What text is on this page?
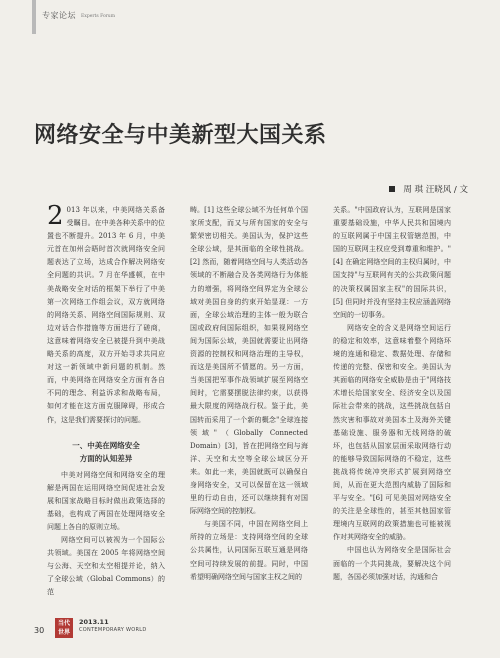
专家论坛 Experts Forum
网络安全与中美新型大国关系
周 琪 汪晓风 / 文

2 013 年以来，中美网络关系备受瞩目。在中美各种关系中的位置也不断提升。2013 年 6 月，中美元首在加州会晤时首次就网络安全问题表达了立场，达成合作解决网络安全问题的共识。7 月在华盛顿，在中美战略安全对话的框架下举行了中美第一次网络工作组会议，双方就网络的网络关系、网络空间国际规则、双边对话合作措施等方面进行了磋商，这意味着网络安全已被提升到中美战略关系的高度，双方开始寻求共同应对这一新领域中新问题的机制。然而，中美网络在网络安全方面有各自不同的理念、利益诉求和战略布局，如何才能在这方面克服障碍，形成合作，这是我们需要探讨的问题。

一、中美在网络安全
方面的认知差异

中美对网络空间和网络安全的理解是两国在运用网络空间促进社会发展和国家战略目标时做出政策选择的基础，也构成了两国在处理网络安全问题上各自的原则立场。

网络空间可以被视为一个国际公共领域。美国在 2005 年将网络空间与公海、天空和太空相提并论，纳入了全球公域（Global Commons）的范

畴。[1] 这些全球公域不为任何单个国家所支配，而又与所有国家的安全与繁荣密切相关。美国认为，保护这些全球公域，是其面临的全球性挑战。[2] 然而，随着网络空间与人类活动各领域的不断融合及各类网络行为体能力的增强，将网络空间界定为全球公域对美国自身的约束开始显现：一方面，全球公域治理的主体一般为联合国或政府间国际组织，如果视网络空间为国际公域，美国就需要让出网络资源的控制权和网络治理的主导权，而这是美国所不情愿的。另一方面，当美国把军事作战领域扩展至网络空间时，它需要摆脱法律约束，以获得最大限度的网络战行权。鉴于此，美国转而采用了一个新的概念"全球连接领域"（Globally Connected Domain）[3]，旨在把网络空间与海洋、天空和太空等全球公域区分开来。如此一来，美国就既可以确保自身网络安全，又可以保留在这一领域里的行动自由，还可以继续拥有对国际网络空间的控制权。

与美国不同，中国在网络空间上所持的立场是：支持网络空间的全球公共属性，认同国际互联互通是网络空间可持续发展的前提。同时，中国希望明确网络空间与国家主权之间的

关系。"中国政府认为，互联网是国家重要基础设施，中华人民共和国境内的互联网属于中国主权管辖范围，中国的互联网主权应受到尊重和维护。"[4] 在确定网络空间的主权归属时，中国支持"与互联网有关的公共政策问题的决策权属国家主权"的国际共识，[5] 但同时并没有坚持主权应涵盖网络空间的一切事务。

网络安全的含义是网络空间运行的稳定和效率，这意味着整个网络环境的连通和稳定、数据处理、存储和传递的完整、保密和安全。美国认为其面临的网络安全威胁是由于"网络技术增长给国家安全、经济安全以及国际社会带来的挑战，这些挑战包括自然灾害和事故对美国本土及海外关键基础设施、服务器和无线网络的破坏，也包括从国家层面采取网络行动的能够导致国际网络的不稳定，这些挑战将传统冲突形式扩展到网络空间，从而在更大范围内威胁了国际和平与安全。"[6] 可见美国对网络安全的关注是全球性的，甚至其他国家管理境内互联网的政策措施也可能被视作对其网络安全的威胁。

中国也认为网络安全是国际社会面临的一个共同挑战，要解决这个问题，各国必须加强对话，沟通和合

30
当代
世界
2013.11
CONTEMPORARY WORLD
